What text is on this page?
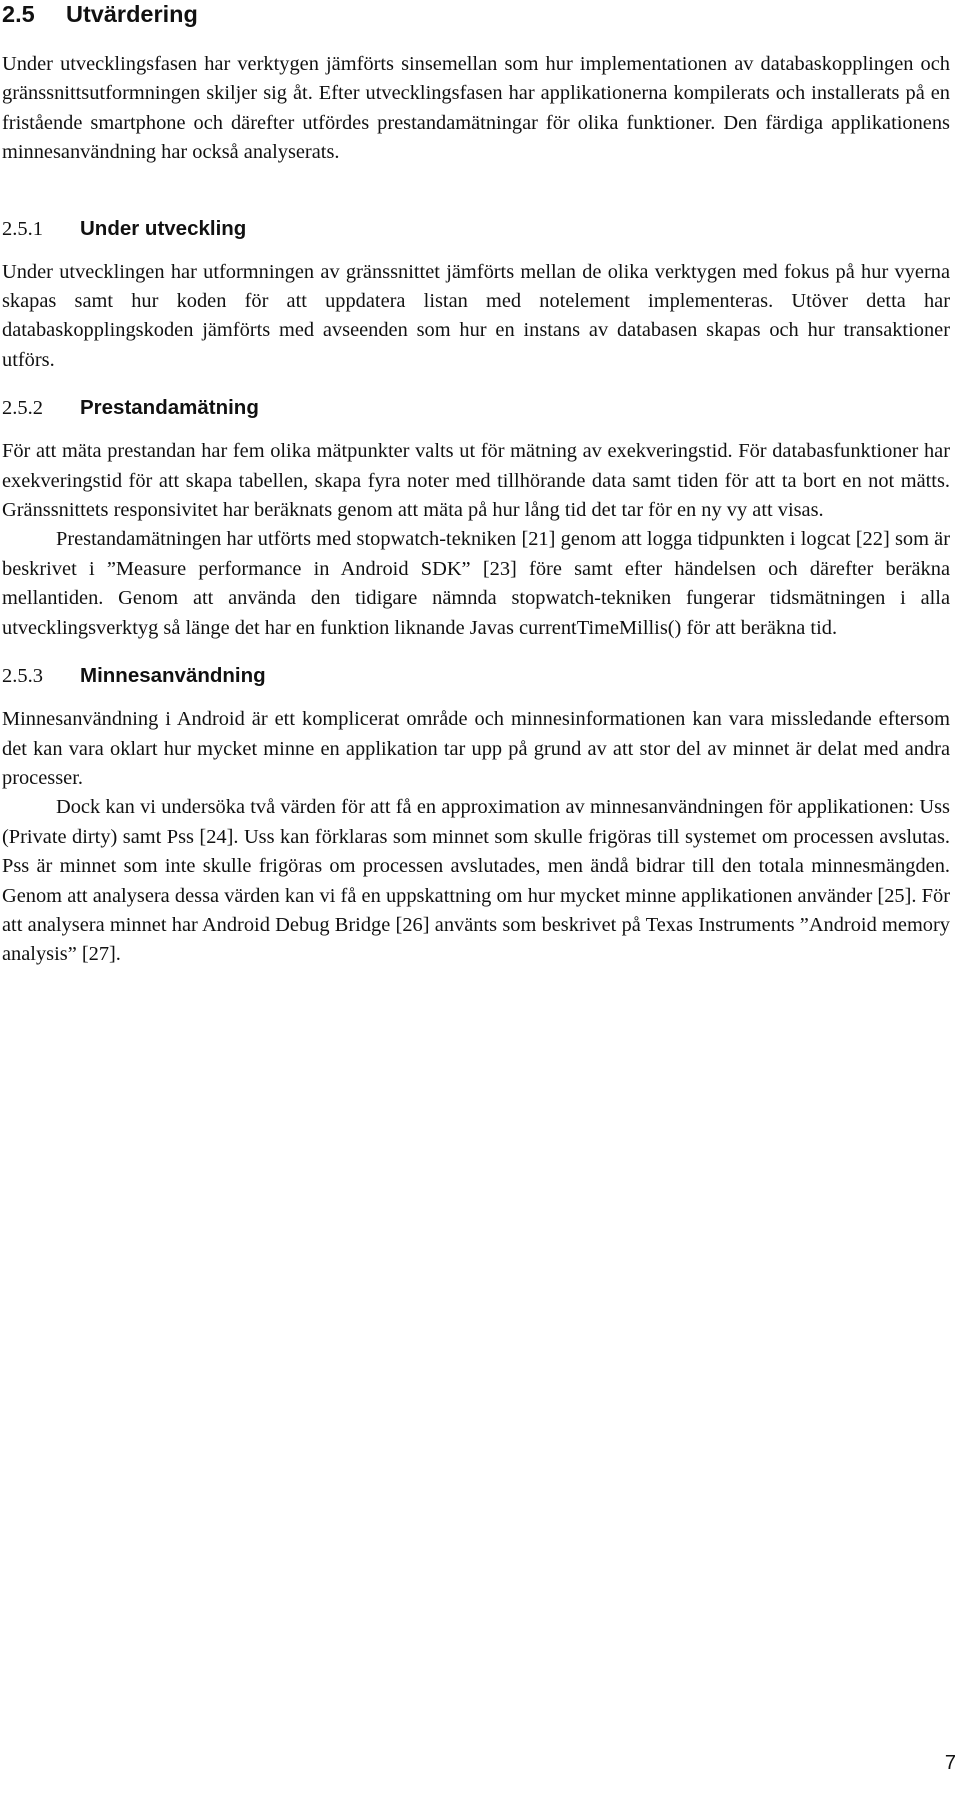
2.5 Utvärdering

Under utvecklingsfasen har verktygen jämförts sinsemellan som hur implementationen av databaskopplingen och gränssnittsutformningen skiljer sig åt. Efter utvecklingsfasen har applikationerna kompilerats och installerats på en fristående smartphone och därefter utfördes prestandamätningar för olika funktioner. Den färdiga applikationens minnesanvändning har också analyserats.

2.5.1 Under utveckling

Under utvecklingen har utformningen av gränssnittet jämförts mellan de olika verktygen med fokus på hur vyerna skapas samt hur koden för att uppdatera listan med notelement implementeras. Utöver detta har databaskopplingskoden jämförts med avseenden som hur en instans av databasen skapas och hur transaktioner utförs.

2.5.2 Prestandamätning

För att mäta prestandan har fem olika mätpunkter valts ut för mätning av exekveringstid. För databasfunktioner har exekveringstid för att skapa tabellen, skapa fyra noter med tillhörande data samt tiden för att ta bort en not mätts. Gränssnittets responsivitet har beräknats genom att mäta på hur lång tid det tar för en ny vy att visas.

Prestandamätningen har utförts med stopwatch-tekniken [21] genom att logga tidpunkten i logcat [22] som är beskrivet i ”Measure performance in Android SDK” [23] före samt efter händelsen och därefter beräkna mellantiden. Genom att använda den tidigare nämnda stopwatch-tekniken fungerar tidsmätningen i alla utvecklingsverktyg så länge det har en funktion liknande Javas currentTimeMillis() för att beräkna tid.

2.5.3 Minnesanvändning

Minnesanvändning i Android är ett komplicerat område och minnesinformationen kan vara missledande eftersom det kan vara oklart hur mycket minne en applikation tar upp på grund av att stor del av minnet är delat med andra processer.

Dock kan vi undersöka två värden för att få en approximation av minnesanvändningen för applikationen: Uss (Private dirty) samt Pss [24]. Uss kan förklaras som minnet som skulle frigöras till systemet om processen avslutas. Pss är minnet som inte skulle frigöras om processen avslutades, men ändå bidrar till den totala minnesmängden. Genom att analysera dessa värden kan vi få en uppskattning om hur mycket minne applikationen använder [25]. För att analysera minnet har Android Debug Bridge [26] använts som beskrivet på Texas Instruments ”Android memory analysis” [27].

7
